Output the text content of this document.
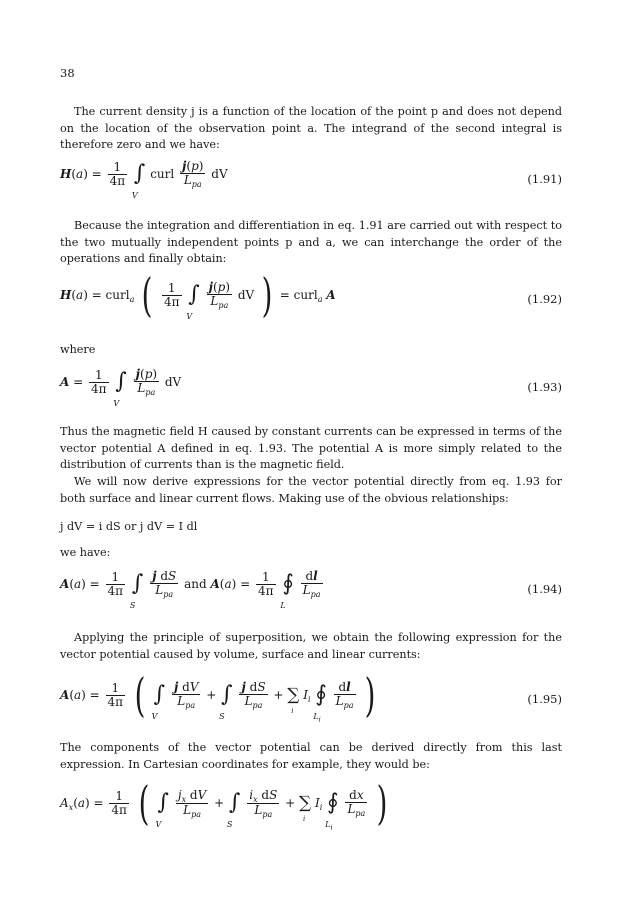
38

The current density j is a function of the location of the point p and does not depend on the location of the observation point a. The integrand of the second integral is therefore zero and we have:

$H(a) = \frac{1}{4\pi}$ ∫
V
curl $\frac{j(p)}{L_{pa}}$ dV	(1.91)

Because the integration and differentiation in eq. 1.91 are carried out with respect to the two mutually independent points p and a, we can interchange the order of the operations and finally obtain:

H(a) = curl$_a$ ( $\frac{1}{4\pi}$ ∫
V

$\frac{j(p)}{L_{pa}}$ dV ) = curl$_a$ A	(1.92)
where
$A = \frac{1}{4\pi}$ ∫
V

$\frac{j(p)}{L_{pa}}$ dV	(1.93)

Thus the magnetic field H caused by constant currents can be expressed in terms of the vector potential A defined in eq. 1.93. The potential A is more simply related to the distribution of currents than is the magnetic field.

We will now derive expressions for the vector potential directly from eq. 1.93 for both surface and linear current flows. Making use of the obvious relationships:

j dV = i dS or j dV = I dl
we have:
$A(a) = \frac{1}{4\pi}$ ∫
S

$\frac{\text{j dS}}{L_{pa}}$ and $A(a) = \frac{1}{4\pi}$ ∮
L

$\frac{dl}{L_{pa}}$	(1.94)

Applying the principle of superposition, we obtain the following expression for the vector potential caused by volume, surface and linear currents:

$A(a) = \frac{1}{4\pi}$ ( ∫
V

$\frac{\text{j dV}}{L_{pa}}$ + ∫
S

$\frac{\text{j dS}}{L_{pa}}$ + ∑
i
$I_i$ ∮
$L_i$

$\frac{dl}{L_{pa}}$ )	(1.95)

The components of the vector potential can be derived directly from this last expression. In Cartesian coordinates for example, they would be:

$A_x(a) = \frac{1}{4\pi}$ ( ∫
V

$\frac{j_x dV}{L_{pa}}$ + ∫
S

$\frac{i_x dS}{L_{pa}}$ + ∑
i
$I_i$ ∮
$L_i$

$\frac{dx}{L_{pa}}$ )
